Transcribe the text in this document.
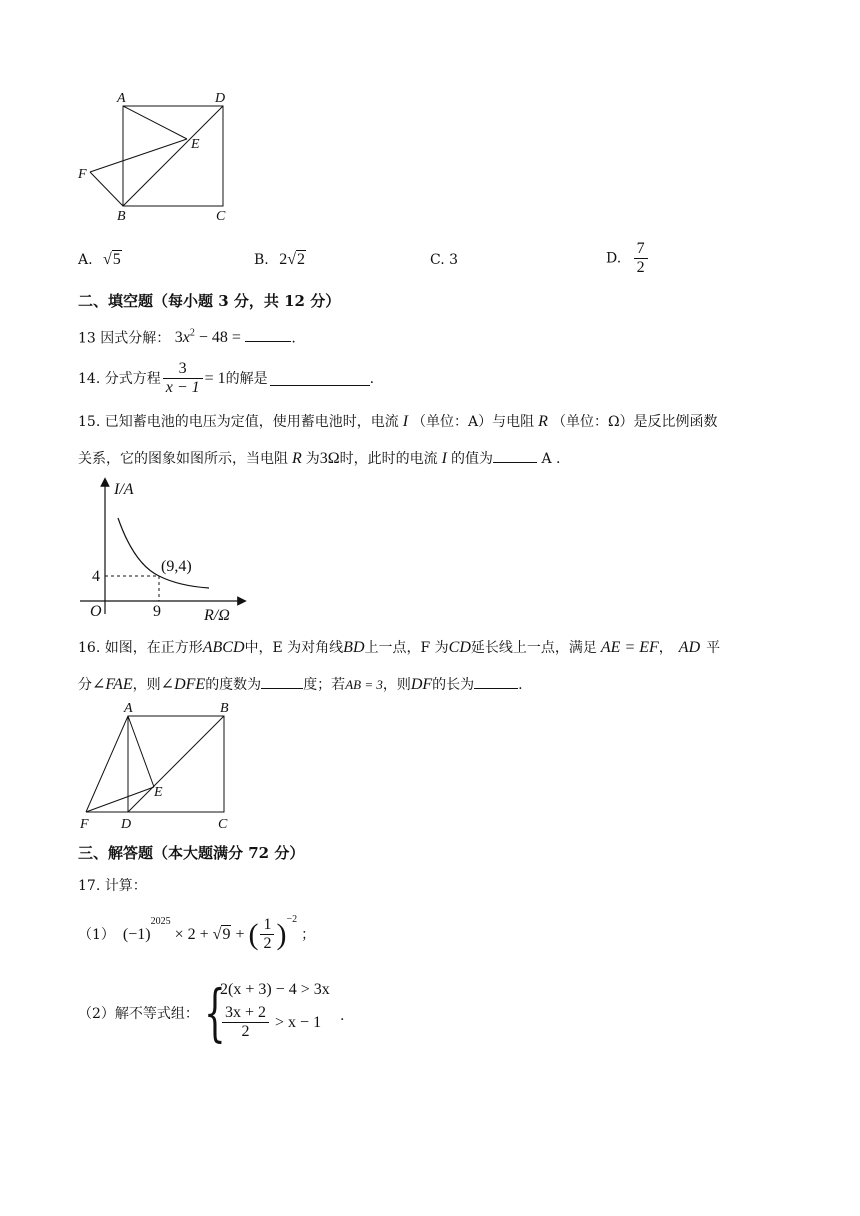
A	D
E
F
B	C
A. √5	B. 2√2	C. 3	D. $\frac{7}{2}$
二、填空题（每小题 3 分，共 12 分）
13 因式分解： $3x^2 - 48$ =	.
14. 分式方程 $\frac{3}{x - 1} = 1$ 的解是	.
15. 已知蓄电池的电压为定值，使用蓄电池时，电流 I （单位：A）与电阻 R （单位：Ω）是反比例函数
关系，它的图象如图所示，当电阻 R 为3Ω时，此时的电流 I 的值为	A .
I/A
R/Ω
O
4
9
(9,4)
16. 如图，在正方形ABCD中，E 为对角线BD上一点，F 为CD延长线上一点，满足 AE = EF， AD 平
分∠FAE，则∠DFE的度数为	度；若AB = 3，则DF的长为	.
A	B
E
F D	C
三、解答题（本大题满分 72 分）
17. 计算：
（1） (−1)
$^{2025}$
× 2 + √9 + ( $\frac{1}{2} )^{-2}$
；
（2）解不等式组： {
2(x + 3) − 4 > 3x
$\frac{3x + 2}{2} > x - 1$ .
